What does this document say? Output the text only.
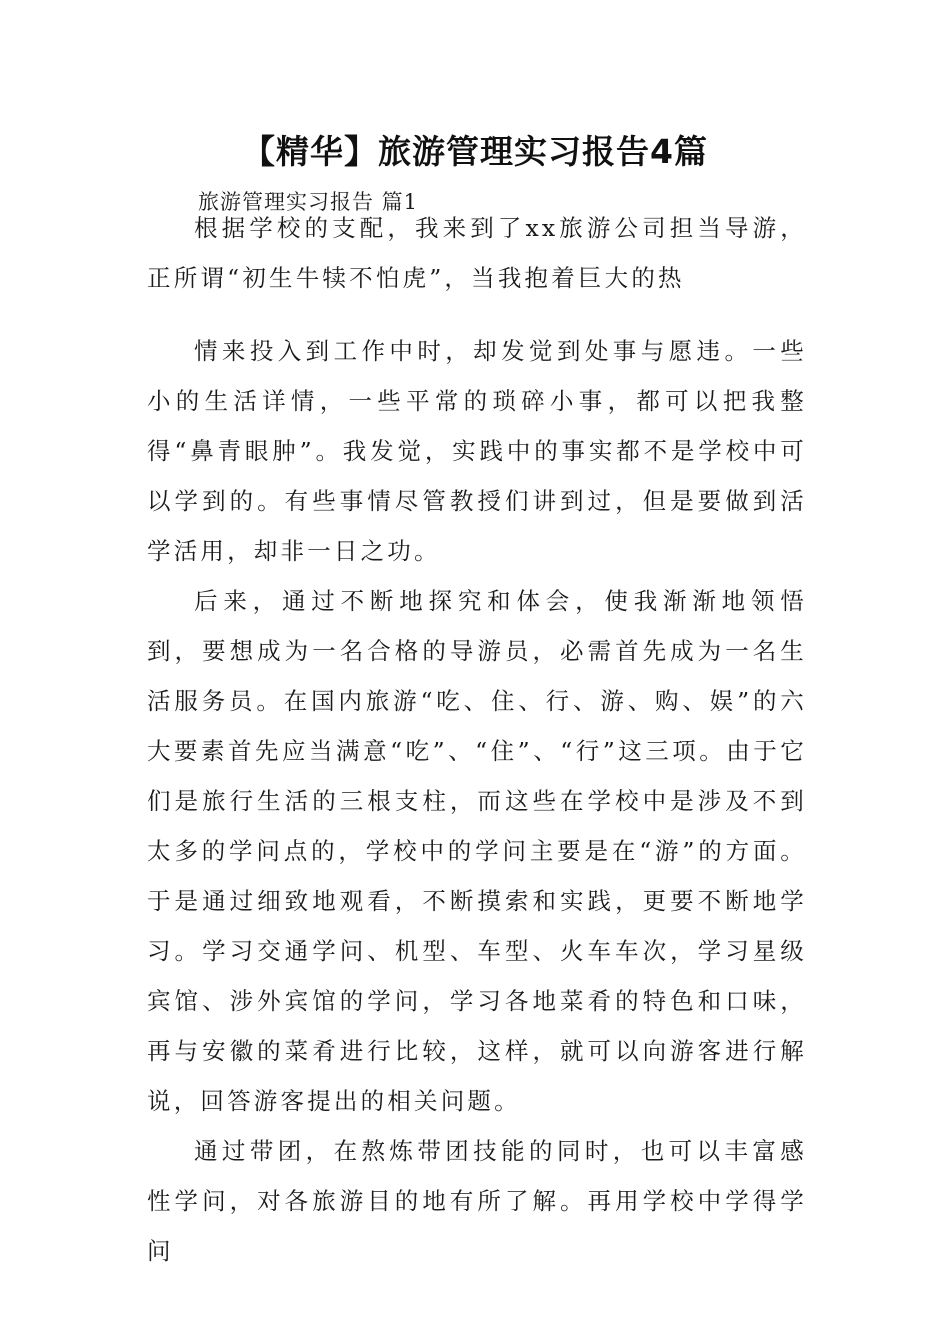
【精华】旅游管理实习报告4篇

旅游管理实习报告 篇1

根据学校的支配，我来到了xx旅游公司担当导游，正所谓“初生牛犊不怕虎”，当我抱着巨大的热

情来投入到工作中时，却发觉到处事与愿违。一些小的生活详情，一些平常的琐碎小事，都可以把我整得“鼻青眼肿”。我发觉，实践中的事实都不是学校中可以学到的。有些事情尽管教授们讲到过，但是要做到活学活用，却非一日之功。

后来，通过不断地探究和体会，使我渐渐地领悟到，要想成为一名合格的导游员，必需首先成为一名生活服务员。在国内旅游“吃、住、行、游、购、娱”的六大要素首先应当满意“吃”、“住”、“行”这三项。由于它们是旅行生活的三根支柱，而这些在学校中是涉及不到太多的学问点的，学校中的学问主要是在“游”的方面。于是通过细致地观看，不断摸索和实践，更要不断地学习。学习交通学问、机型、车型、火车车次，学习星级宾馆、涉外宾馆的学问，学习各地菜肴的特色和口味，再与安徽的菜肴进行比较，这样，就可以向游客进行解说，回答游客提出的相关问题。

通过带团，在熬炼带团技能的同时，也可以丰富感性学问，对各旅游目的地有所了解。再用学校中学得学问
